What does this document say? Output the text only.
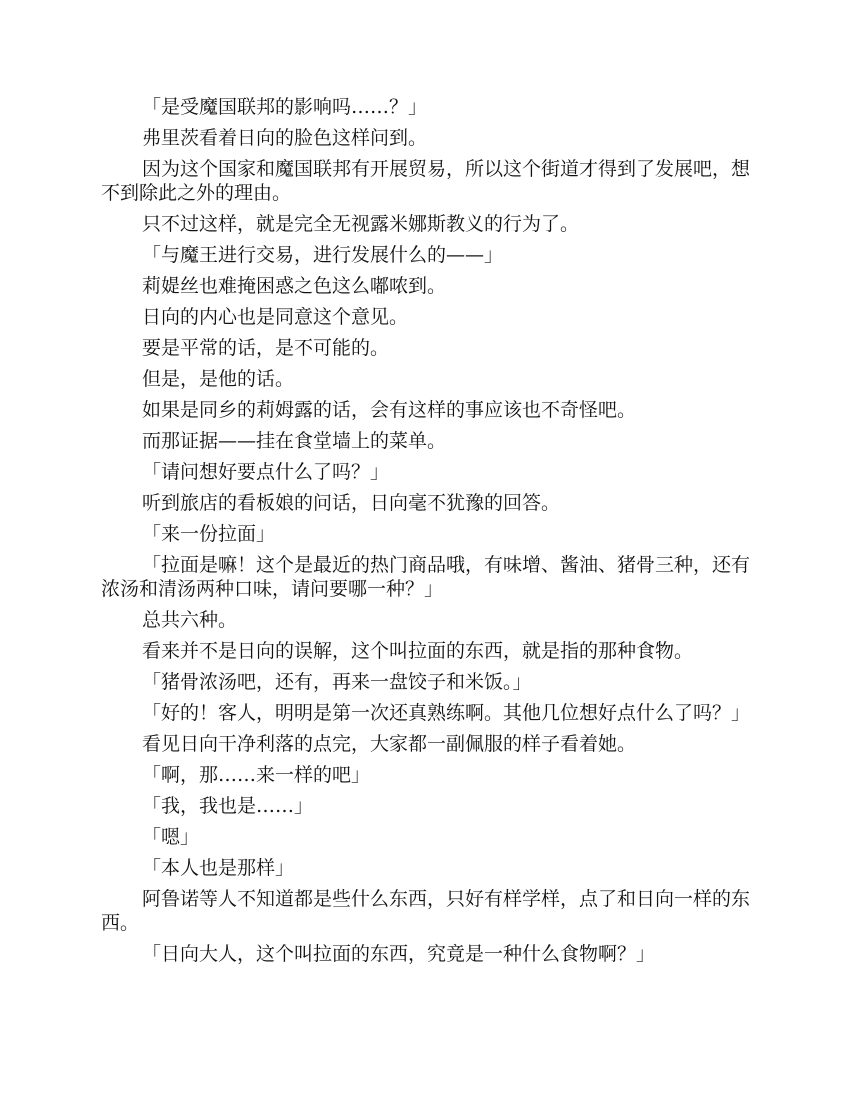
「是受魔国联邦的影响吗……？」

弗里茨看着日向的脸色这样问到。

因为这个国家和魔国联邦有开展贸易，所以这个街道才得到了发展吧，想不到除此之外的理由。

只不过这样，就是完全无视露米娜斯教义的行为了。

「与魔王进行交易，进行发展什么的——」

莉媞丝也难掩困惑之色这么嘟哝到。

日向的内心也是同意这个意见。

要是平常的话，是不可能的。

但是，是他的话。

如果是同乡的莉姆露的话，会有这样的事应该也不奇怪吧。

而那证据——挂在食堂墙上的菜单。

「请问想好要点什么了吗？」

听到旅店的看板娘的问话，日向毫不犹豫的回答。

「来一份拉面」

「拉面是嘛！这个是最近的热门商品哦，有味增、酱油、猪骨三种，还有浓汤和清汤两种口味，请问要哪一种？」

总共六种。

看来并不是日向的误解，这个叫拉面的东西，就是指的那种食物。

「猪骨浓汤吧，还有，再来一盘饺子和米饭。」

「好的！客人，明明是第一次还真熟练啊。其他几位想好点什么了吗？」

看见日向干净利落的点完，大家都一副佩服的样子看着她。

「啊，那……来一样的吧」

「我，我也是……」

「嗯」

「本人也是那样」

阿鲁诺等人不知道都是些什么东西，只好有样学样，点了和日向一样的东西。

「日向大人，这个叫拉面的东西，究竟是一种什么食物啊？」
